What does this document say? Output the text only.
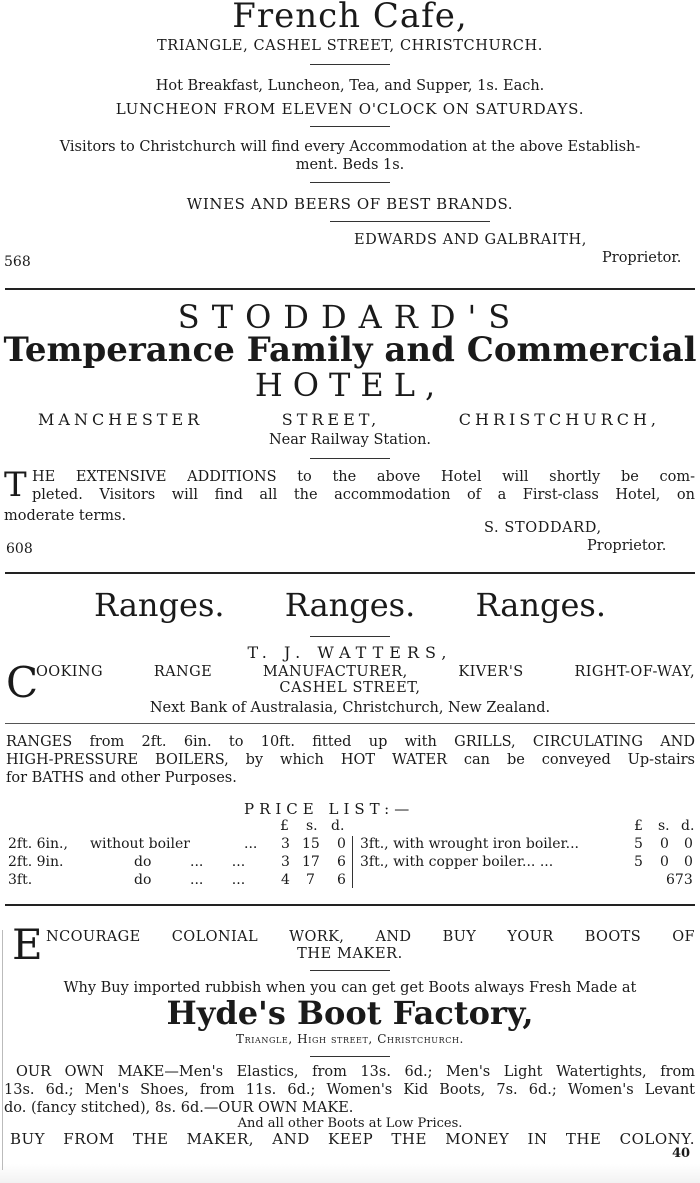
French Cafe,
TRIANGLE, CASHEL STREET, CHRISTCHURCH.
Hot Breakfast, Luncheon, Tea, and Supper, 1s. Each.
LUNCHEON FROM ELEVEN O'CLOCK ON SATURDAYS.
Visitors to Christchurch will find every Accommodation at the above Establish-
ment. Beds 1s.
WINES AND BEERS OF BEST BRANDS.
EDWARDS AND GALBRAITH,
568	Proprietor.
STODDARD'S
Temperance Family and Commercial
HOTEL,
MANCHESTER	STREET,	CHRISTCHURCH,
Near Railway Station.
T HE EXTENSIVE ADDITIONS to the above Hotel will shortly be com-
pleted. Visitors will find all the accommodation of a First-class Hotel, on
moderate terms.
S. STODDARD,
608	Proprietor.
Ranges. Ranges. Ranges.
T. J. WATTERS,
C
OOKING	RANGE	MANUFACTURER,	KIVER'S	RIGHT-OF-WAY,
CASHEL STREET,
Next Bank of Australasia, Christchurch, New Zealand.
RANGES from 2ft. 6in. to 10ft. fitted up with GRILLS, CIRCULATING AND
HIGH-PRESSURE BOILERS, by which HOT WATER can be conveyed Up-stairs
for BATHS and other Purposes.
PRICE LIST:—
£ s. d.
2ft. 6in., without boiler	... 3 15 0
2ft. 9in.	do	... ...	3 17 6
3ft.	do	... ...	4 7 6
£ s. d.
3ft., with wrought iron boiler...	5 0 0
3ft., with copper boiler... ...	5 0 0
673
E NCOURAGE COLONIAL WORK, AND BUY YOUR BOOTS OF
THE MAKER.
Why Buy imported rubbish when you can get get Boots always Fresh Made at
Hyde's Boot Factory,
Triangle, High street, Christchurch.
OUR OWN MAKE—Men's Elastics, from 13s. 6d.; Men's Light Watertights, from
13s. 6d.; Men's Shoes, from 11s. 6d.; Women's Kid Boots, 7s. 6d.; Women's Levant
do. (fancy stitched), 8s. 6d.—OUR OWN MAKE.
And all other Boots at Low Prices.
BUY FROM THE MAKER, AND KEEP THE MONEY IN THE COLONY.
40
